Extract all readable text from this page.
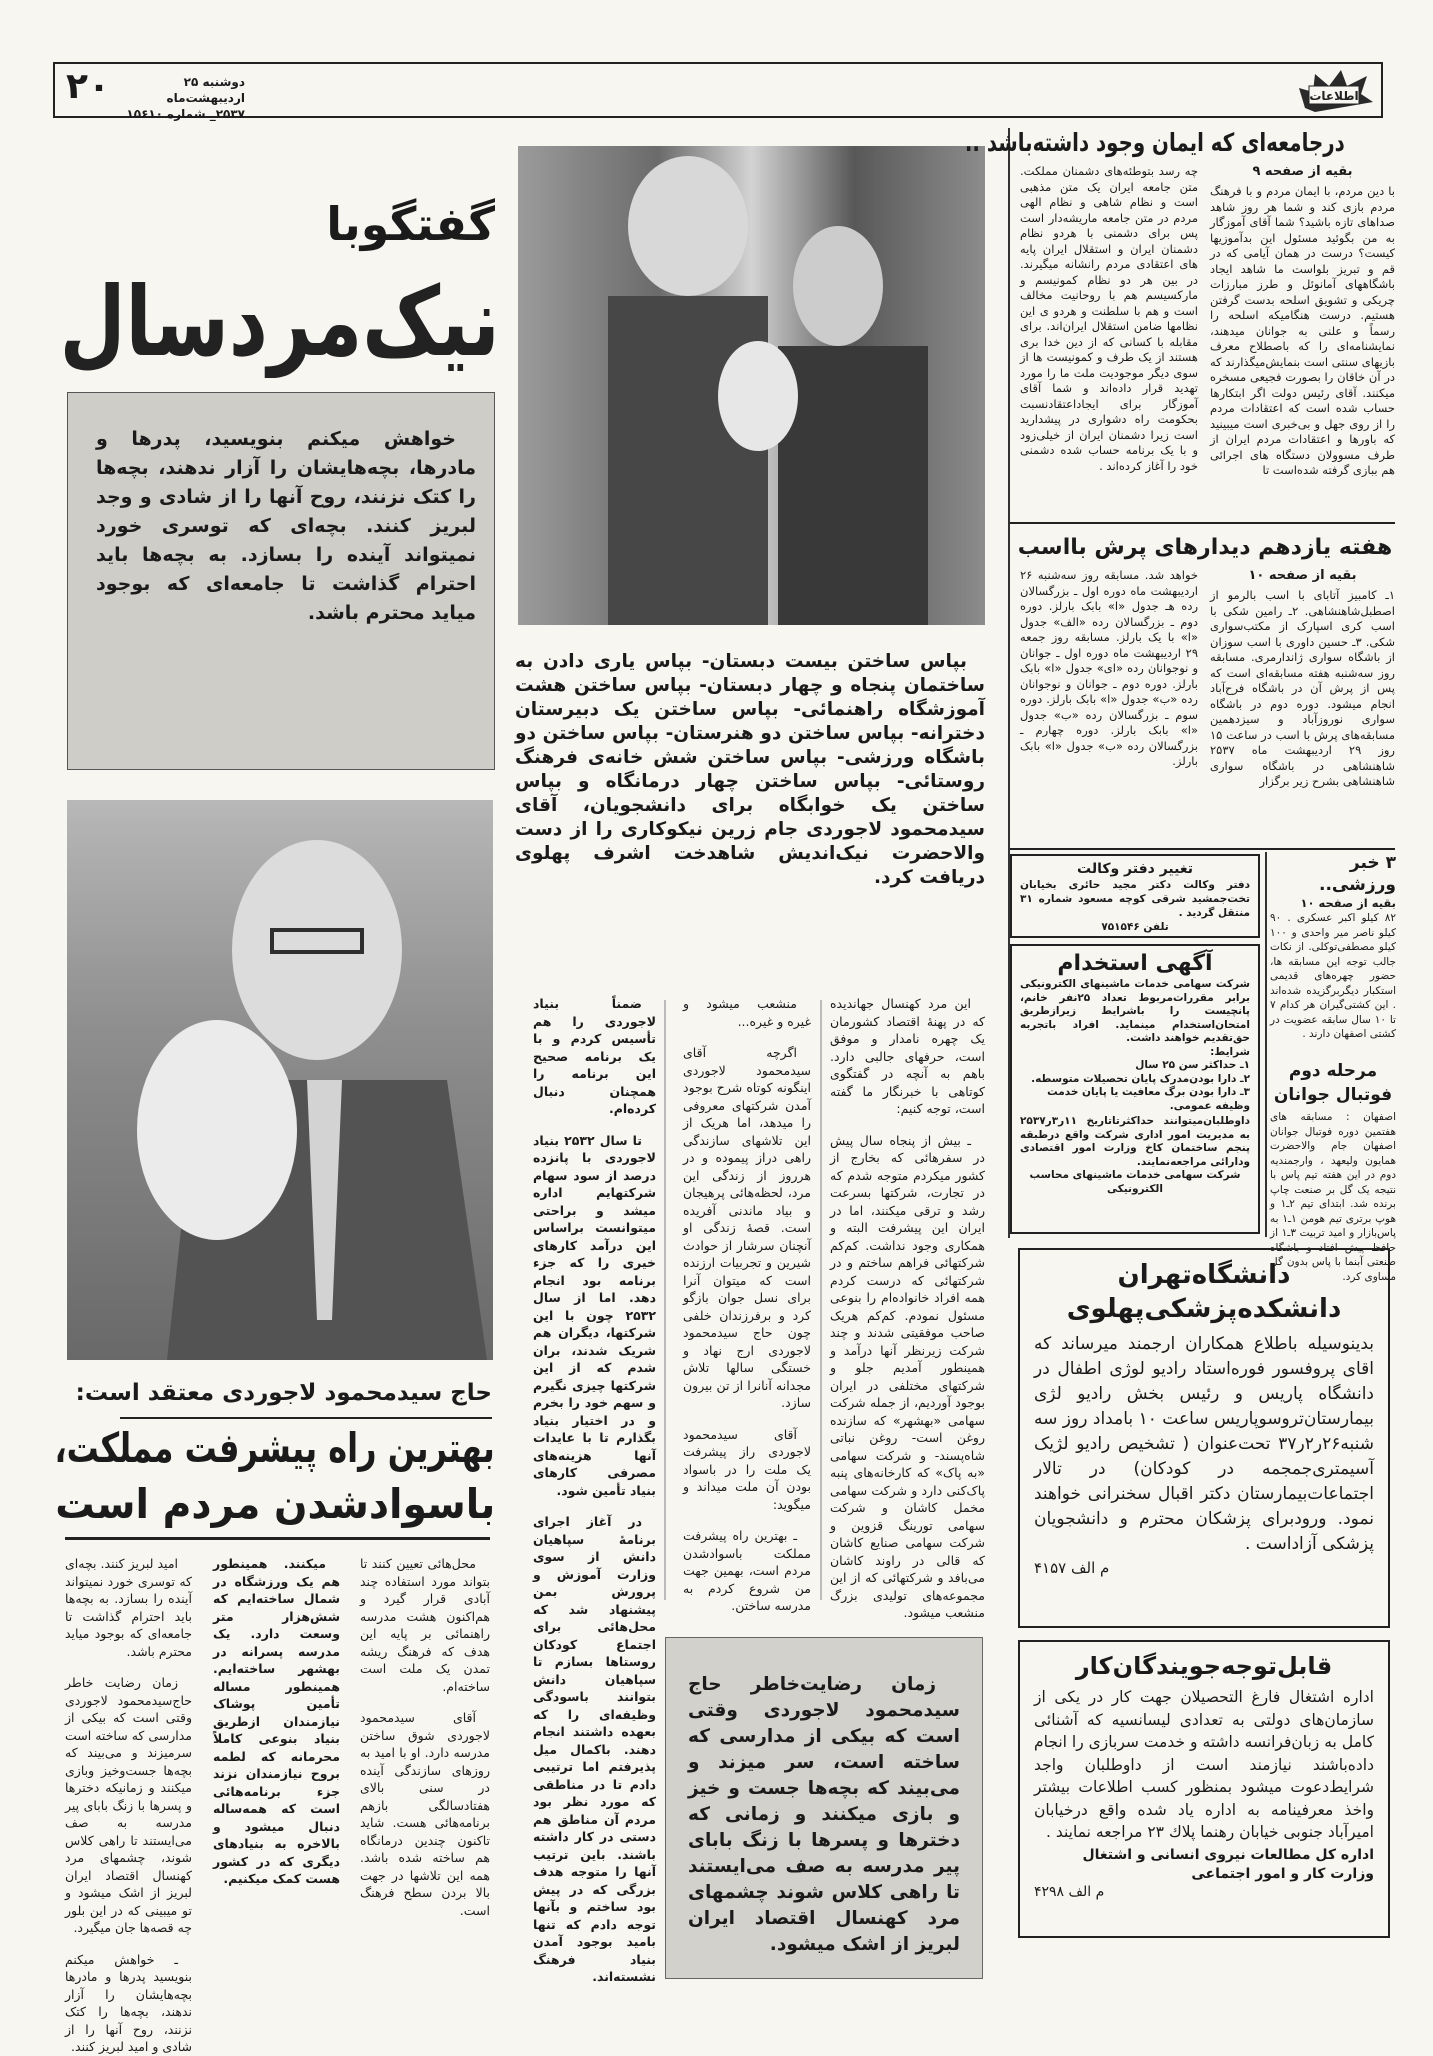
۲۰	دوشنبه ۲۵ اردیبهشت‌ماه
۲۵۳۷_ شماره ۱۵۶۱۰
اطلاعات
گفتگوبا
نیک‌مردسال
خواهش میکنم بنویسید، پدرها و مادرها، بچه‌هایشان را آزار ندهند، بچه‌ها را کتک نزنند، روح آنها را از شادی و وجد لبریز کنند. بچه‌ای که توسری خورد نمیتواند آینده را بسازد. به بچه‌ها باید احترام گذاشت تا جامعه‌ای که بوجود میاید محترم باشد.
بپاس ساختن بیست دبستان- بپاس یاری دادن به ساختمان پنجاه و چهار دبستان- بپاس ساختن هشت آموزشگاه راهنمائی- بپاس ساختن یک دبیرستان دخترانه- بپاس ساختن دو هنرستان- بپاس ساختن دو باشگاه ورزشی- بپاس ساختن شش خانه‌ی فرهنگ روستائی- بپاس ساختن چهار درمانگاه و بپاس ساختن یک خوابگاه برای دانشجویان، آقای سیدمحمود لاجوردی جام زرین نیکوکاری را از دست والاحضرت نیک‌اندیش شاهدخت اشرف پهلوی دریافت کرد.

این مرد کهنسال جهاندیده که در پهنهٔ اقتصاد کشورمان یک چهره نامدار و موفق است، حرفهای جالبی دارد. باهم به آنچه در گفتگوی کوتاهی با خبرنگار ما گفته است، توجه کنیم:

ـ بیش از پنجاه سال پیش در سفرهائی که بخارج از کشور میکردم متوجه شدم که در تجارت، شرکتها بسرعت رشد و ترقی میکنند، اما در ایران این پیشرفت البته و همکاری وجود نداشت. کم‌کم شرکتهائی فراهم ساختم و در شرکتهائی که درست کردم همه افراد خانواده‌ام را بنوعی مسئول نمودم. کم‌کم هریک صاحب موفقیتی شدند و چند شرکت زیرنظر آنها درآمد و همینطور آمدیم جلو و شرکتهای مختلفی در ایران بوجود آوردیم، از جمله شرکت سهامی «بهشهر» که سازنده روغن است- روغن نباتی شاه‌پسند- و شرکت سهامی «به پاک» که کارخانه‌های پنبه پاک‌کنی دارد و شرکت سهامی مخمل کاشان و شرکت سهامی تورینگ قزوین و شرکت سهامی صنایع کاشان که قالی در راوند کاشان می‌بافد و شرکتهائی که از این مجموعه‌های تولیدی بزرگ منشعب میشود.

منشعب میشود و غیره و غیره...

اگرچه آقای سیدمحمود لاجوردی اینگونه کوتاه شرح بوجود آمدن شرکتهای معروفی را میدهد، اما هریک از این تلاشهای سازندگی راهی دراز پیموده و در هرروز از زندگی این مرد، لحظه‌هائی پرهیجان و بیاد ماندنی آفریده است. قصهٔ زندگی او آنچنان سرشار از حوادث شیرین و تجربیات ارزنده است که میتوان آنرا برای نسل جوان بازگو کرد و برفرزندان خلفی چون حاج سیدمحمود لاجوردی ارج نهاد و خستگی سالها تلاش مجدانه آنانرا از تن بیرون سازد.

آقای سیدمحمود لاجوردی راز پیشرفت یک ملت را در باسواد بودن آن ملت میداند و میگوید:

ـ بهترین راه پیشرفت مملکت باسوادشدن مردم است، بهمین جهت من شروع کردم به مدرسه ساختن.

ضمناً بنیاد لاجوردی را هم تأسیس کردم و با یک برنامه صحیح این برنامه را همچنان دنبال کرده‌ام.

تا سال ۲۵۳۲ بنیاد لاجوردی با پانزده درصد از سود سهام شرکتهایم اداره میشد و براحتی میتوانست براساس این درآمد کارهای خیری را که جزء برنامه بود انجام دهد. اما از سال ۲۵۳۲ چون با این شرکتها، دیگران هم شریک شدند، بران شدم که از این شرکتها چیزی نگیرم و سهم خود را بخرم و در اختیار بنیاد بگذارم تا با عایدات آنها هزینه‌های مصرفی کارهای بنیاد تأمین شود.

در آغاز اجرای برنامهٔ سپاهیان دانش از سوی وزارت آموزش و پرورش بمن پیشنهاد شد که محل‌هائی برای اجتماع کودکان روستاها بسازم تا سپاهیان دانش بتوانند باسودگی وظیفه‌ای را که بعهده داشتند انجام دهند. باکمال میل پذیرفتم اما ترتیبی دادم تا در مناطقی که مورد نظر بود مردم آن مناطق هم دستی در کار داشته باشند. باین ترتیب آنها را متوجه هدف بزرگی که در پیش بود ساختم و بآنها توجه دادم که تنها بامید بوجود آمدن بنیاد فرهنگ نشسته‌اند.

زمان رضایت‌خاطر حاج سیدمحمود لاجوردی وقتی است که بیکی از مدارسی که ساخته است، سر میزند و می‌بیند که بچه‌ها جست و خیز و بازی میکنند و زمانی که دخترها و پسرها با زنگ بابای پیر مدرسه به صف می‌ایستند تا راهی کلاس شوند چشمهای مرد کهنسال اقتصاد ایران لبریز از اشک میشود.
حاج سیدمحمود لاجوردی معتقد است:
بهترین راه پیشرفت مملکت،
باسوادشدن مردم است

محل‌هائی تعیین کنند تا بتواند مورد استفاده چند آبادی قرار گیرد و هم‌اکنون هشت مدرسه راهنمائی بر پایه این هدف که فرهنگ ریشه تمدن یک ملت است ساخته‌ام.

آقای سیدمحمود لاجوردی شوق ساختن مدرسه دارد. او با امید به روزهای سازندگی آینده در سنی بالای هفتادسالگی بازهم برنامه‌هائی هست. شاید تاکنون چندین درمانگاه هم ساخته شده باشد. همه این تلاشها در جهت بالا بردن سطح فرهنگ است.

میکنند. همینطور هم یک ورزشگاه در شمال ساخته‌ایم که شش‌هزار متر وسعت دارد. یک مدرسه پسرانه در بهشهر ساخته‌ایم. همینطور مساله تأمین پوشاک نیازمندان ازطریق بنیاد بنوعی کاملاً محرمانه که لطمه بروح نیازمندان نزند جزء برنامه‌هائی است که همه‌ساله دنبال میشود و بالاخره به بنیادهای دیگری که در کشور هست کمک میکنیم.

امید لبریز کنند. بچه‌ای که توسری خورد نمیتواند آینده را بسازد. به بچه‌ها باید احترام گذاشت تا جامعه‌ای که بوجود میاید محترم باشد.

زمان رضایت خاطر حاج‌سیدمحمود لاجوردی وقتی است که بیکی از مدارسی که ساخته است سرمیزند و می‌بیند که بچه‌ها جست‌وخیز وبازی میکنند و زمانیکه دخترها و پسرها با زنگ بابای پیر مدرسه به صف می‌ایستند تا راهی کلاس شوند، چشمهای مرد کهنسال اقتصاد ایران لبریز از اشک میشود و تو میبینی که در این بلور چه قصه‌ها جان میگیرد.

ـ خواهش میکنم بنویسید پدرها و مادرها بچه‌هایشان را آزار ندهند، بچه‌ها را کتک نزنند، روح آنها را از شادی و امید لبریز کنند.

درجامعه‌ای که ایمان وجود داشته‌باشد ..
بقیه از صفحه ۹
با دین مردم، با ایمان مردم و با فرهنگ مردم بازی کند و شما هر روز شاهد صداهای تازه باشید؟ شما آقای آموزگار به من بگوئید مسئول این بدآموزیها کیست؟ درست در همان آیامی که در قم و تبریز بلواست ما شاهد ایجاد باشگاههای آمانوئل و طرز مبارزات چریکی و تشویق اسلحه بدست گرفتن هستیم. درست هنگامیکه اسلحه را رسماً و علنی به جوانان میدهند، نمایشنامه‌ای را که باصطلاح معرف بازیهای سنتی است بنمایش‌میگذارند که در آن خاقان را بصورت فجیعی مسخره میکنند. آقای رئیس دولت اگر ابتکارها حساب شده است که اعتقادات مردم را از روی جهل و بی‌خبری است میبینید که باورها و اعتقادات مردم ایران از طرف مسوولان دستگاه های اجرائی هم ببازی گرفته شده‌است تا
چه رسد بتوطئه‌های دشمنان مملکت. متن جامعه ایران یک متن مذهبی است و نظام شاهی و نظام الهی مردم در متن جامعه ماریشه‌دار است پس برای دشمنی با هردو نظام دشمنان ایران و استقلال ایران پایه های اعتقادی مردم رانشانه میگیرند. در بین هر دو نظام کمونیسم و مارکسیسم هم با روحانیت مخالف است و هم با سلطنت و هردو ی این نظامها ضامن استقلال ایران‌اند. برای مقابله با کسانی که از دین خدا بری هستند از یک طرف و کمونیست ها از سوی دیگر موجودیت ملت ما را مورد تهدید قرار داده‌اند و شما آقای آموزگار برای ایجاداعتقادنسبت بحکومت راه دشواری در پیشدارید است زیرا دشمنان ایران از خیلی‌زود و با یک برنامه حساب شده دشمنی خود را آغاز کرده‌اند .
هفته یازدهم دیدارهای پرش بااسب
بقیه از صفحه ۱۰
۱ـ کامبیز آتابای با اسب بالرمو از اصطبل‌شاهنشاهی. ۲ـ رامین شکی با اسب کری اسپارک از مکتب‌سواری شکی. ۳ـ حسین داوری با اسب سوزان از باشگاه سواری ژاندارمری. مسابقه روز سه‌شنبه هفته مسابقه‌ای است که پس از پرش آن در باشگاه فرح‌آباد انجام میشود. دوره دوم در باشگاه سواری نوروزآباد و سیزدهمین مسابقه‌های پرش با اسب در ساعت ۱۵ روز ۲۹ اردیبهشت ماه ۲۵۳۷ شاهنشاهی در باشگاه سواری شاهنشاهی بشرح زیر برگزار
خواهد شد. مسابقه روز سه‌شنبه ۲۶ اردیبهشت ماه دوره اول ـ بزرگسالان رده هـ جدول «ا» بابک بارلز. دوره دوم ـ بزرگسالان رده «الف» جدول «ا» با یک بارلز. مسابقه روز جمعه ۲۹ اردیبهشت ماه دوره اول ـ جوانان و نوجوانان رده «ای» جدول «ا» بابک بارلز. دوره دوم ـ جوانان و نوجوانان رده «ب» جدول «ا» بابک بارلز. دوره سوم ـ بزرگسالان رده «ب» جدول «ا» بابک بارلز. دوره چهارم ـ بزرگسالان رده «ب» جدول «ا» بابک بارلز.
تغییر دفتر وکالت
دفتر وکالت دکتر مجید حائری بخیابان تخت‌جمشید شرقی کوچه مسعود شماره ۳۱ منتقل گردید .
تلفن ۷۵۱۵۴۶
آگهی استخدام
شرکت سهامی خدمات ماشینهای الکترونیکی برابر مقررات‌مربوط تعداد ۲۵نفر خانم، پانچیست را باشرایط زیرازطریق امتحان‌استخدام مینماید. افراد باتجربه حق‌تقدیم خواهند داشت.
شرایط:
۱ـ حداکثر سن ۲۵ سال
۲ـ دارا بودن‌مدرک پایان تحصیلات متوسطه.
۳ـ دارا بودن برگ معافیت یا پایان خدمت وظیفه عمومی.
داوطلبان‌میتوانند حداکثرتاتاریخ ۱۱ر۳ر۲۵۳۷ به مدیریت امور اداری شرکت واقع درطبقه پنجم ساختمان کاخ وزارت امور اقتصادی ودارائی مراجعه‌نمایند.
شرکت سهامی خدمات ماشینهای محاسب الکترونیکی
۳ خبر ورزشی..
بقیه از صفحه ۱۰
۸۲ کیلو اکبر عسکری . ۹۰ کیلو ناصر میر واحدی و ۱۰۰ کیلو مصطفی‌توکلی. از نکات جالب توجه این مسابقه ها، حضور چهره‌های قدیمی استکبار دیگربرگزیده شده‌اند . این کشتی‌گیران هر کدام ۷ تا ۱۰ سال سابقه عضویت در کشتی اصفهان دارند .
مرحله دوم فوتبال جوانان
اصفهان : مسابقه های هفتمین دوره فوتبال جوانان اصفهان جام والاحضرت همایون ولیعهد ، وارجمندیه دوم در این هفته تیم پاس با نتیجه یک گل بر صنعت چاپ برنده شد. ابتدای تیم ۲ـ۱ و هوپ برتری تیم هومن ۱ـ۱ به پاس‌بازار و امید تربیت ۳ـ۱ از حافظ پیش افتاد و باشگاه صنعتی آبنما با پاس بدون گل مساوی کرد.
دانشگاه‌تهران
دانشکده‌پزشکی‌پهلوی
بدینوسیله باطلاع همکاران ارجمند میرساند که اقای پروفسور فوره‌استاد رادیو لوژی اطفال در دانشگاه پاریس و رئیس بخش رادیو لژی بیمارستان‌تروسوپاریس ساعت ۱۰ بامداد روز سه شنبه۲۶ر۲ر۳۷ تحت‌عنوان ( تشخیص رادیو لژیک آسیمتری‌جمجمه در کودکان) در تالار اجتماعات‌بیمارستان دکتر اقبال سخنرانی خواهند نمود. ورودبرای پزشکان محترم و دانشجویان پزشکی آزاداست .
م الف ۴۱۵۷
قابل‌توجه‌جویندگان‌کار
اداره اشتغال فارغ التحصیلان جهت کار در یکی از سازمان‌های دولتی به تعدادی لیسانسیه که آشنائی کامل به زبان‌فرانسه داشته و خدمت سربازی را انجام داده‌باشند نیازمند است از داوطلبان واجد شرایط‌دعوت میشود بمنظور کسب اطلاعات بیشتر واخذ معرفینامه به اداره یاد شده واقع درخیابان امیرآباد جنوبی خیابان رهنما پلاك ۲۳ مراجعه نمایند .
اداره کل مطالعات نیروی انسانی و اشتغال وزارت کار و امور اجتماعی
م الف ۴۲۹۸
